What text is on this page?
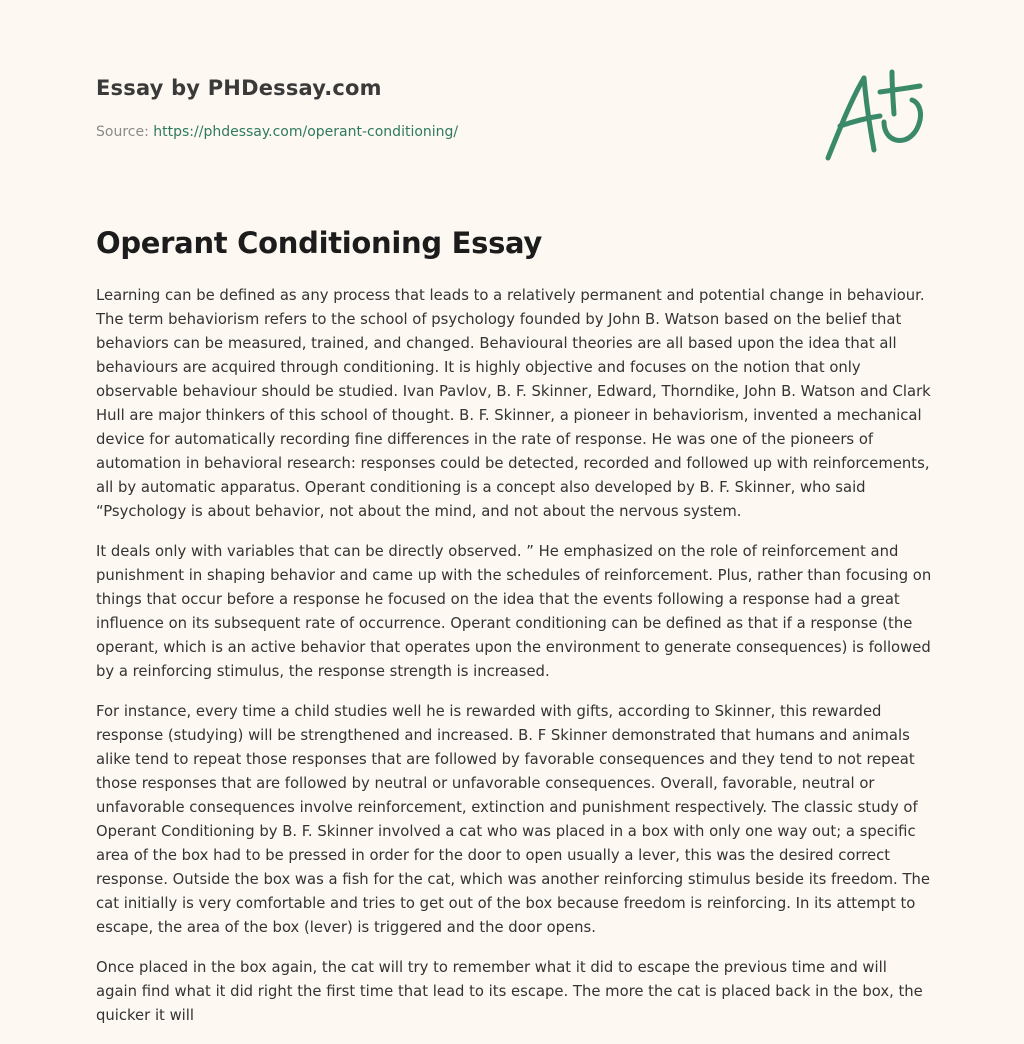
Essay by PHDessay.com
Source: https://phdessay.com/operant-conditioning/
Operant Conditioning Essay

Learning can be defined as any process that leads to a relatively permanent and potential change in behaviour. The term behaviorism refers to the school of psychology founded by John B. Watson based on the belief that behaviors can be measured, trained, and changed. Behavioural theories are all based upon the idea that all behaviours are acquired through conditioning. It is highly objective and focuses on the notion that only observable behaviour should be studied. Ivan Pavlov, B. F. Skinner, Edward, Thorndike, John B. Watson and Clark Hull are major thinkers of this school of thought. B. F. Skinner, a pioneer in behaviorism, invented a mechanical device for automatically recording fine differences in the rate of response. He was one of the pioneers of automation in behavioral research: responses could be detected, recorded and followed up with reinforcements, all by automatic apparatus. Operant conditioning is a concept also developed by B. F. Skinner, who said “Psychology is about behavior, not about the mind, and not about the nervous system.

It deals only with variables that can be directly observed. ” He emphasized on the role of reinforcement and punishment in shaping behavior and came up with the schedules of reinforcement. Plus, rather than focusing on things that occur before a response he focused on the idea that the events following a response had a great influence on its subsequent rate of occurrence. Operant conditioning can be defined as that if a response (the operant, which is an active behavior that operates upon the environment to generate consequences) is followed by a reinforcing stimulus, the response strength is increased.

For instance, every time a child studies well he is rewarded with gifts, according to Skinner, this rewarded response (studying) will be strengthened and increased. B. F Skinner demonstrated that humans and animals alike tend to repeat those responses that are followed by favorable consequences and they tend to not repeat those responses that are followed by neutral or unfavorable consequences. Overall, favorable, neutral or unfavorable consequences involve reinforcement, extinction and punishment respectively. The classic study of Operant Conditioning by B. F. Skinner involved a cat who was placed in a box with only one way out; a specific area of the box had to be pressed in order for the door to open usually a lever, this was the desired correct response. Outside the box was a fish for the cat, which was another reinforcing stimulus beside its freedom. The cat initially is very comfortable and tries to get out of the box because freedom is reinforcing. In its attempt to escape, the area of the box (lever) is triggered and the door opens.

Once placed in the box again, the cat will try to remember what it did to escape the previous time and will again find what it did right the first time that lead to its escape. The more the cat is placed back in the box, the quicker it will
